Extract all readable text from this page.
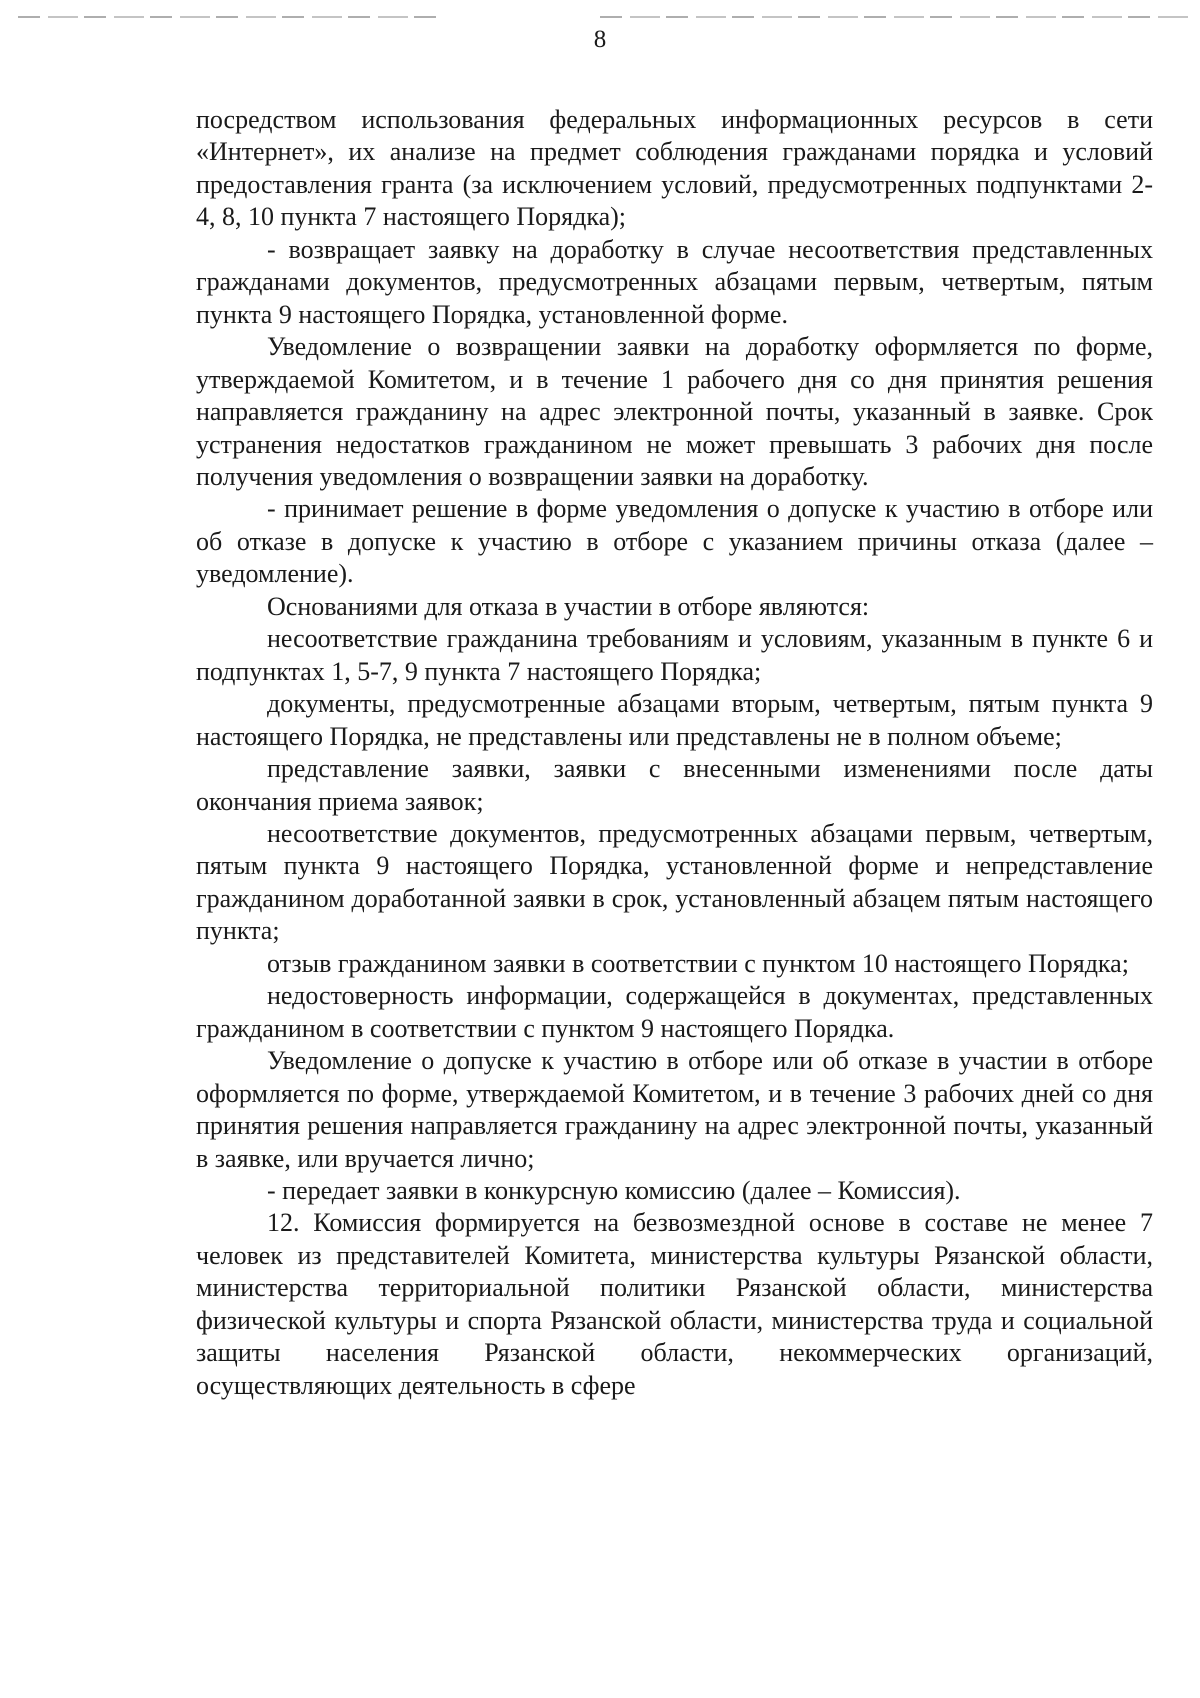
8

посредством использования федеральных информационных ресурсов в сети «Интернет», их анализе на предмет соблюдения гражданами порядка и условий предоставления гранта (за исключением условий, предусмотренных подпунктами 2-4, 8, 10 пункта 7 настоящего Порядка);

- возвращает заявку на доработку в случае несоответствия представленных гражданами документов, предусмотренных абзацами первым, четвертым, пятым пункта 9 настоящего Порядка, установленной форме.

Уведомление о возвращении заявки на доработку оформляется по форме, утверждаемой Комитетом, и в течение 1 рабочего дня со дня принятия решения направляется гражданину на адрес электронной почты, указанный в заявке. Срок устранения недостатков гражданином не может превышать 3 рабочих дня после получения уведомления о возвращении заявки на доработку.

- принимает решение в форме уведомления о допуске к участию в отборе или об отказе в допуске к участию в отборе с указанием причины отказа (далее – уведомление).

Основаниями для отказа в участии в отборе являются:

несоответствие гражданина требованиям и условиям, указанным в пункте 6 и подпунктах 1, 5-7, 9 пункта 7 настоящего Порядка;

документы, предусмотренные абзацами вторым, четвертым, пятым пункта 9 настоящего Порядка, не представлены или представлены не в полном объеме;

представление заявки, заявки с внесенными изменениями после даты окончания приема заявок;

несоответствие документов, предусмотренных абзацами первым, четвертым, пятым пункта 9 настоящего Порядка, установленной форме и непредставление гражданином доработанной заявки в срок, установленный абзацем пятым настоящего пункта;

отзыв гражданином заявки в соответствии с пунктом 10 настоящего Порядка;

недостоверность информации, содержащейся в документах, представленных гражданином в соответствии с пунктом 9 настоящего Порядка.

Уведомление о допуске к участию в отборе или об отказе в участии в отборе оформляется по форме, утверждаемой Комитетом, и в течение 3 рабочих дней со дня принятия решения направляется гражданину на адрес электронной почты, указанный в заявке, или вручается лично;

- передает заявки в конкурсную комиссию (далее – Комиссия).

12. Комиссия формируется на безвозмездной основе в составе не менее 7 человек из представителей Комитета, министерства культуры Рязанской области, министерства территориальной политики Рязанской области, министерства физической культуры и спорта Рязанской области, министерства труда и социальной защиты населения Рязанской области, некоммерческих организаций, осуществляющих деятельность в сфере
